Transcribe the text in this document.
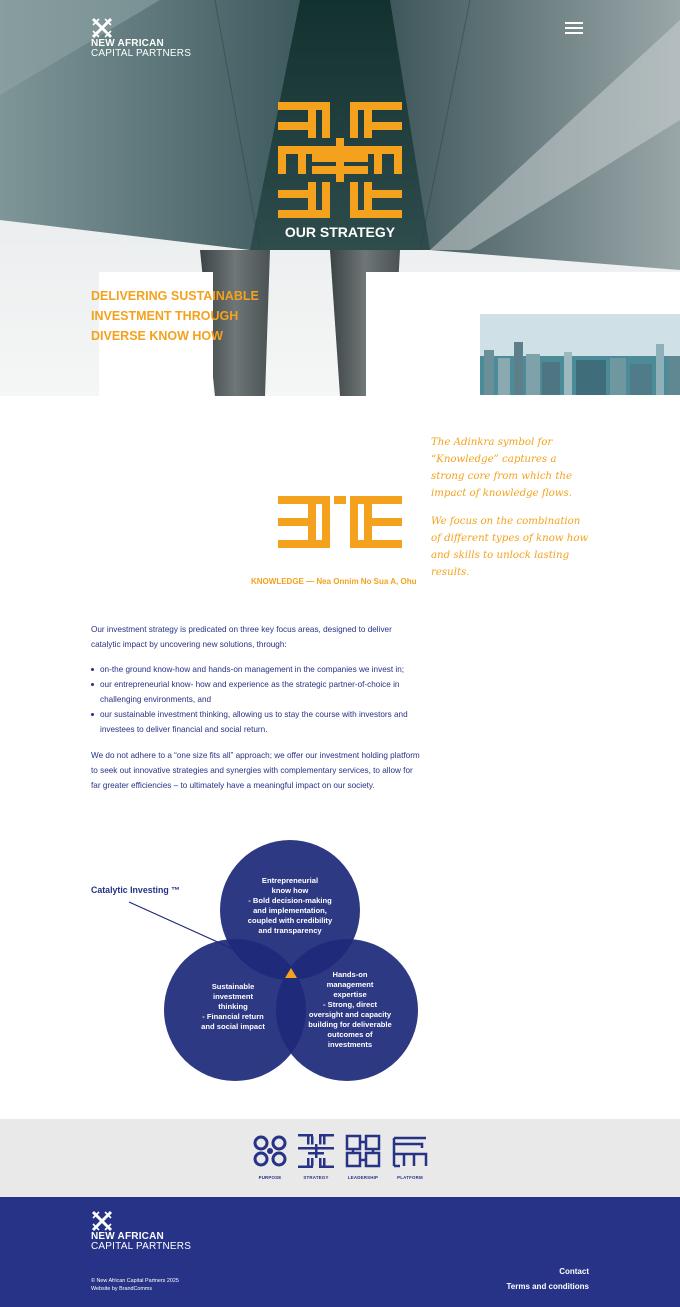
NEW AFRICAN
CAPITAL PARTNERS
OUR STRATEGY
DELIVERING SUSTAINABLE
INVESTMENT THROUGH
DIVERSE KNOW HOW

The Adinkra symbol for “Knowledge” captures a strong core from which the impact of knowledge flows.

We focus on the combination of different types of know how and skills to unlock lasting results.

KNOWLEDGE — Nea Onnim No Sua A, Ohu

Our investment strategy is predicated on three key focus areas, designed to deliver catalytic impact by uncovering new solutions, through:

on-the ground know-how and hands-on management in the companies we invest in;
our entrepreneurial know- how and experience as the strategic partner-of-choice in challenging environments, and
our sustainable investment thinking, allowing us to stay the course with investors and investees to deliver financial and social return.

We do not adhere to a “one size fits all” approach; we offer our investment holding platform to seek out innovative strategies and synergies with complementary services, to allow for far greater efficiencies – to ultimately have a meaningful impact on our society.

Entrepreneurial
know how
- Bold decision-making
and implementation,
coupled with credibility
and transparency
Sustainable
investment
thinking
- Financial return
and social impact
Hands-on
management
expertise
- Strong, direct
oversight and capacity
building for deliverable
outcomes of
investments
Catalytic Investing ™
PURPOSE	STRATEGY	LEADERSHIP	PLATFORM
NEW AFRICAN
CAPITAL PARTNERS
© New African Capital Partners 2025
Website by BrandComms
Contact
Terms and conditions
